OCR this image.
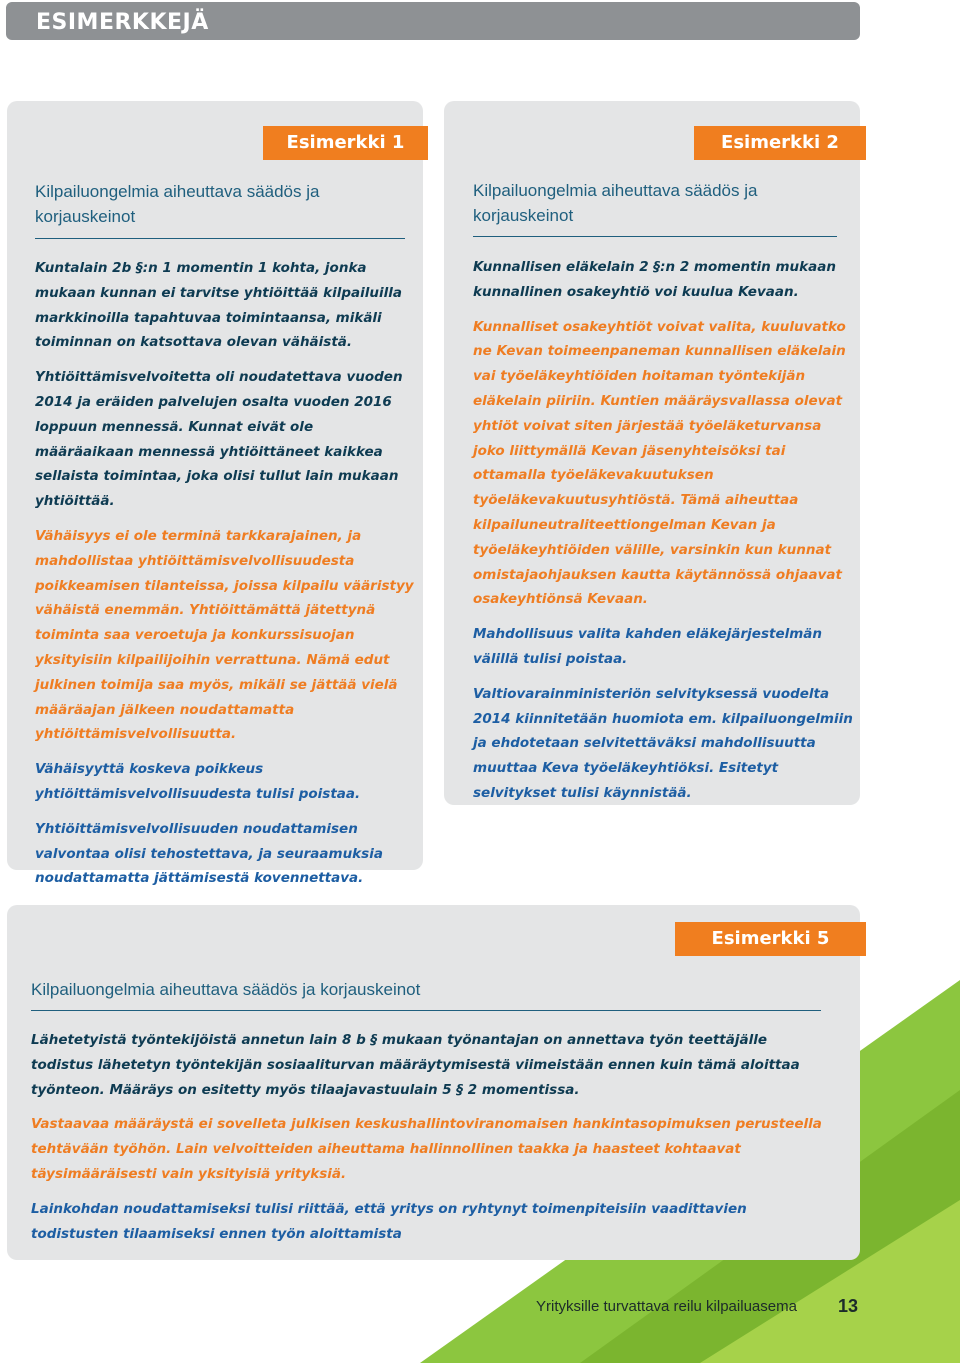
ESIMERKKEJÄ
Esimerkki 1
Kilpailuongelmia aiheuttava säädös ja korjauskeinot

Kuntalain 2b §:n 1 momentin 1 kohta, jonka mukaan kunnan ei tarvitse yhtiöittää kilpailuilla markkinoilla tapahtuvaa toimintaansa, mikäli toiminnan on katsottava olevan vähäistä.

Yhtiöittämisvelvoitetta oli noudatettava vuoden 2014 ja eräiden palvelujen osalta vuoden 2016 loppuun mennessä. Kunnat eivät ole määräaikaan mennessä yhtiöittäneet kaikkea sellaista toimintaa, joka olisi tullut lain mukaan yhtiöittää.

Vähäisyys ei ole terminä tarkkarajainen, ja mahdollistaa yhtiöittämisvelvollisuudesta poikkeamisen tilanteissa, joissa kilpailu vääristyy vähäistä enemmän. Yhtiöittämättä jätettynä toiminta saa veroetuja ja konkurssisuojan yksityisiin kilpailijoihin verrattuna. Nämä edut julkinen toimija saa myös, mikäli se jättää vielä määräajan jälkeen noudattamatta yhtiöittämisvelvollisuutta.

Vähäisyyttä koskeva poikkeus yhtiöittämisvelvollisuudesta tulisi poistaa.

Yhtiöittämisvelvollisuuden noudattamisen valvontaa olisi tehostettava, ja seuraamuksia noudattamatta jättämisestä kovennettava.

Esimerkki 2
Kilpailuongelmia aiheuttava säädös ja korjauskeinot

Kunnallisen eläkelain 2 §:n 2 momentin mukaan kunnallinen osakeyhtiö voi kuulua Kevaan.

Kunnalliset osakeyhtiöt voivat valita, kuuluvatko ne Kevan toimeenpaneman kunnallisen eläkelain vai työeläkeyhtiöiden hoitaman työntekijän eläkelain piiriin. Kuntien määräysvallassa olevat yhtiöt voivat siten järjestää työeläketurvansa joko liittymällä Kevan jäsenyhteisöksi tai ottamalla työeläkevakuutuksen työeläkevakuutusyhtiöstä. Tämä aiheuttaa kilpailuneutraliteettiongelman Kevan ja työeläkeyhtiöiden välille, varsinkin kun kunnat omistajaohjauksen kautta käytännössä ohjaavat osakeyhtiönsä Kevaan.

Mahdollisuus valita kahden eläkejärjestelmän välillä tulisi poistaa.

Valtiovarainministeriön selvityksessä vuodelta 2014 kiinnitetään huomiota em. kilpailuongelmiin ja ehdotetaan selvitettäväksi mahdollisuutta muuttaa Keva työeläkeyhtiöksi. Esitetyt selvitykset tulisi käynnistää.

Esimerkki 5
Kilpailuongelmia aiheuttava säädös ja korjauskeinot

Lähetetyistä työntekijöistä annetun lain 8 b § mukaan työnantajan on annettava työn teettäjälle todistus lähetetyn työntekijän sosiaaliturvan määräytymisestä viimeistään ennen kuin tämä aloittaa työnteon. Määräys on esitetty myös tilaajavastuulain 5 § 2 momentissa.

Vastaavaa määräystä ei sovelleta julkisen keskushallintoviranomaisen hankintasopimuksen perusteella tehtävään työhön. Lain velvoitteiden aiheuttama hallinnollinen taakka ja haasteet kohtaavat täysimääräisesti vain yksityisiä yrityksiä.

Lainkohdan noudattamiseksi tulisi riittää, että yritys on ryhtynyt toimenpiteisiin vaadittavien todistusten tilaamiseksi ennen työn aloittamista

Yrityksille turvattava reilu kilpailuasema 13
